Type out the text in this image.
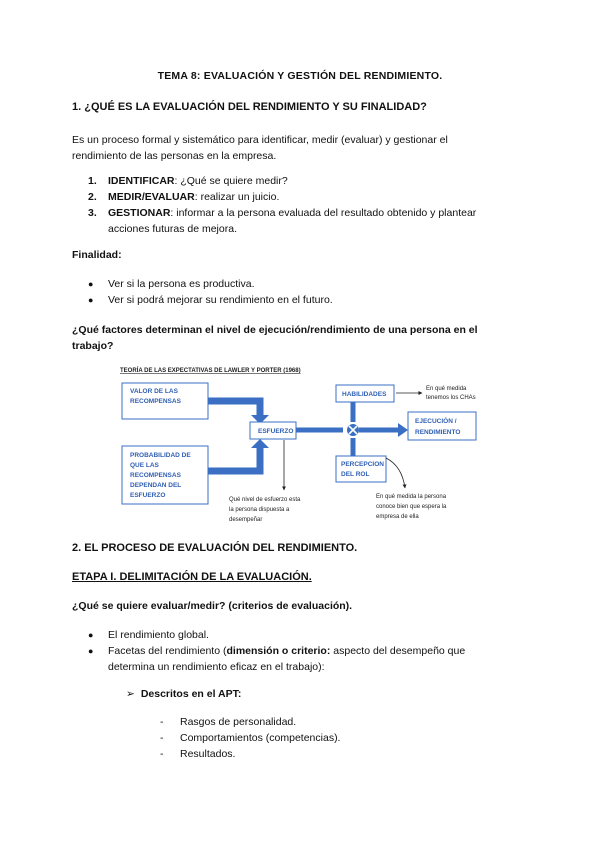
TEMA 8: EVALUACIÓN Y GESTIÓN DEL RENDIMIENTO.
1. ¿QUÉ ES LA EVALUACIÓN DEL RENDIMIENTO Y SU FINALIDAD?
Es un proceso formal y sistemático para identificar, medir (evaluar) y gestionar el
rendimiento de las personas en la empresa.
1. IDENTIFICAR: ¿Qué se quiere medir?
2. MEDIR/EVALUAR: realizar un juicio.
3. GESTIONAR: informar a la persona evaluada del resultado obtenido y plantear
acciones futuras de mejora.
Finalidad:
● Ver si la persona es productiva.
● Ver si podrá mejorar su rendimiento en el futuro.
¿Qué factores determinan el nivel de ejecución/rendimiento de una persona en el
trabajo?
TEORÍA DE LAS EXPECTATIVAS DE LAWLER Y PORTER (1968)
VALOR DE LAS
RECOMPENSAS
PROBABILIDAD DE
QUE LAS
RECOMPENSAS
DEPENDAN DEL
ESFUERZO
ESFUERZO
HABILIDADES
PERCEPCION
DEL ROL
EJECUCIÓN /
RENDIMIENTO
En qué medida
tenemos los CHAs
Qué nivel de esfuerzo esta
la persona dispuesta a
desempeñar
En qué medida la persona
conoce bien que espera la
empresa de ella
2. EL PROCESO DE EVALUACIÓN DEL RENDIMIENTO.
ETAPA I. DELIMITACIÓN DE LA EVALUACIÓN.
¿Qué se quiere evaluar/medir? (criterios de evaluación).
● El rendimiento global.
● Facetas del rendimiento (dimensión o criterio: aspecto del desempeño que
determina un rendimiento eficaz en el trabajo):
➢ Descritos en el APT:
- Rasgos de personalidad.
- Comportamientos (competencias).
- Resultados.
